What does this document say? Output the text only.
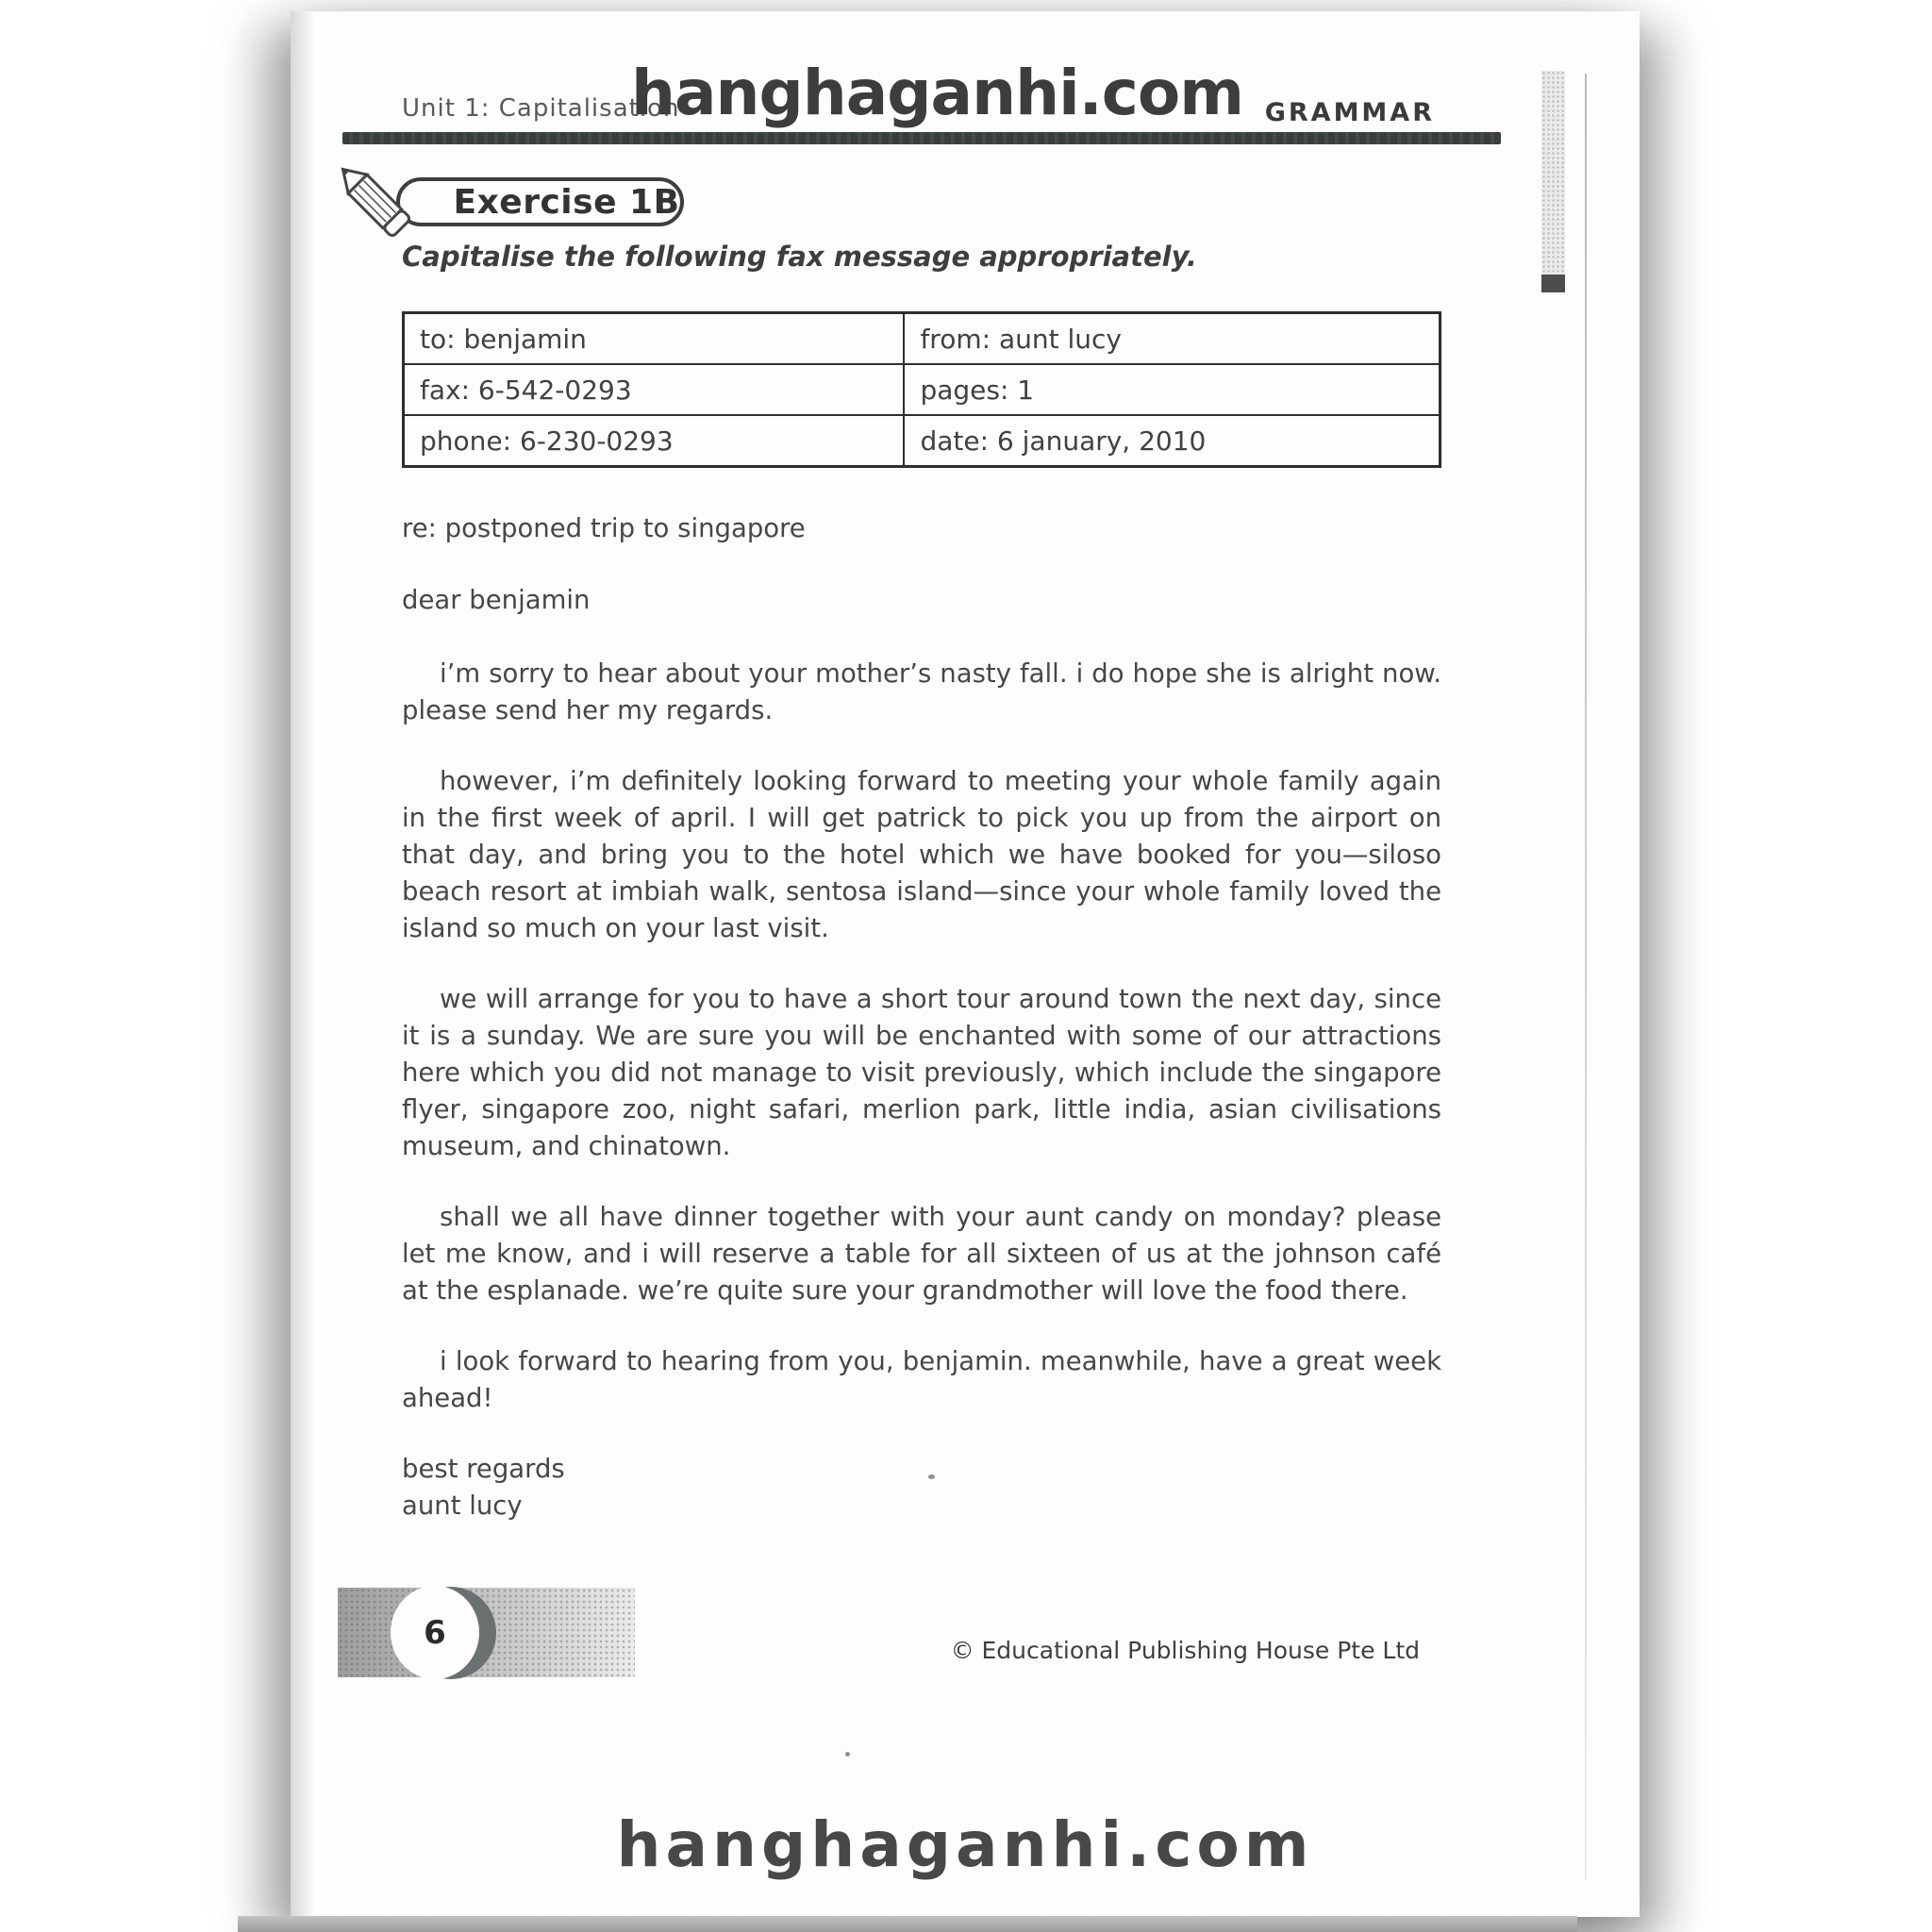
Unit 1: Capitalisation
hanghaganhi.com GRAMMAR
Exercise 1B
Capitalise the following fax message appropriately.
to: benjamin	from: aunt lucy
fax: 6-542-0293	pages: 1
phone: 6-230-0293	date: 6 january, 2010

re: postponed trip to singapore

dear benjamin

i’m sorry to hear about your mother’s nasty fall. i do hope she is alright now. please send her my regards.

however, i’m definitely looking forward to meeting your whole family again in the first week of april. I will get patrick to pick you up from the airport on that day, and bring you to the hotel which we have booked for you—siloso beach resort at imbiah walk, sentosa island—since your whole family loved the island so much on your last visit.

we will arrange for you to have a short tour around town the next day, since it is a sunday. We are sure you will be enchanted with some of our attractions here which you did not manage to visit previously, which include the singapore flyer, singapore zoo, night safari, merlion park, little india, asian civilisations museum, and chinatown.

shall we all have dinner together with your aunt candy on monday? please let me know, and i will reserve a table for all sixteen of us at the johnson café at the esplanade. we’re quite sure your grandmother will love the food there.

i look forward to hearing from you, benjamin. meanwhile, have a great week ahead!

best regards
aunt lucy
6	© Educational Publishing House Pte Ltd
hanghaganhi.com
